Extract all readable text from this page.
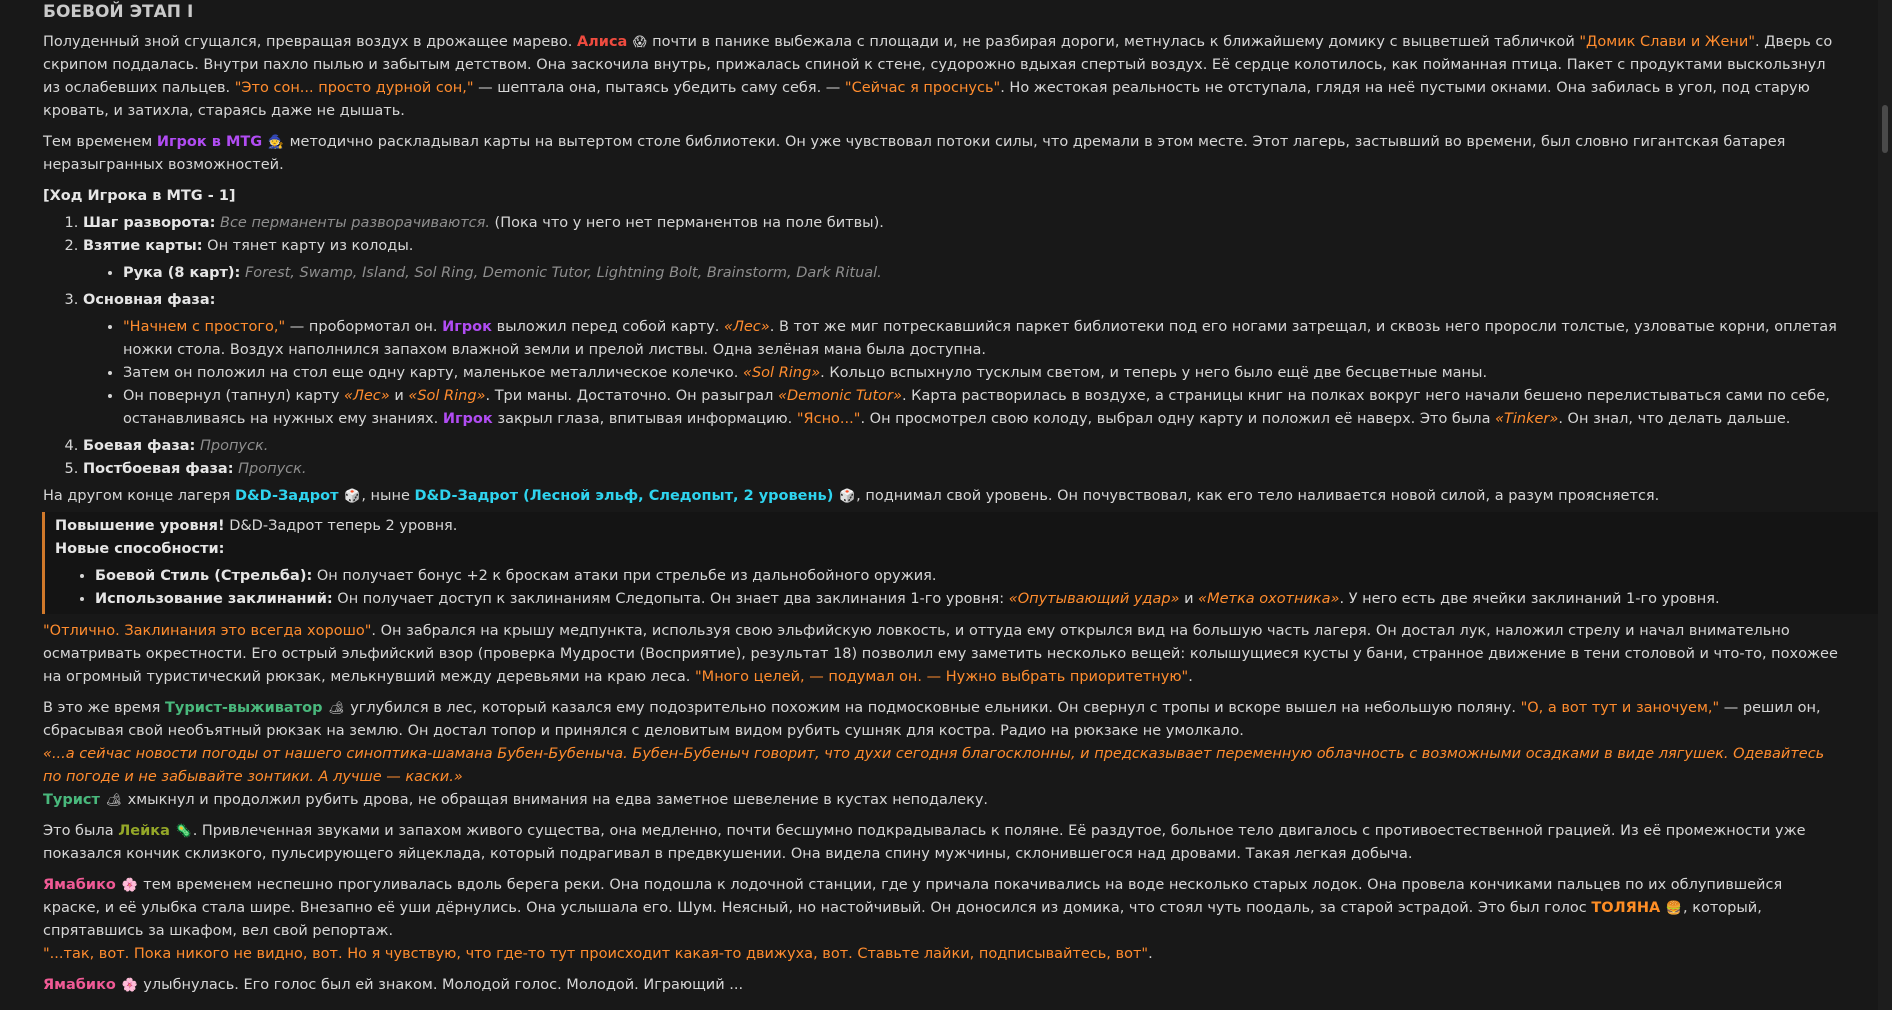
БОЕВОЙ ЭТАП I

Полуденный зной сгущался, превращая воздух в дрожащее марево. Алиса 😱 почти в панике выбежала с площади и, не разбирая дороги, метнулась к ближайшему домику с выцветшей табличкой "Домик Слави и Жени". Дверь со скрипом поддалась. Внутри пахло пылью и забытым детством. Она заскочила внутрь, прижалась спиной к стене, судорожно вдыхая спертый воздух. Её сердце колотилось, как пойманная птица. Пакет с продуктами выскользнул из ослабевших пальцев. "Это сон... просто дурной сон," — шептала она, пытаясь убедить саму себя. — "Сейчас я проснусь". Но жестокая реальность не отступала, глядя на неё пустыми окнами. Она забилась в угол, под старую кровать, и затихла, стараясь даже не дышать.

Тем временем Игрок в MTG 🧙 методично раскладывал карты на вытертом столе библиотеки. Он уже чувствовал потоки силы, что дремали в этом месте. Этот лагерь, застывший во времени, был словно гигантская батарея неразыгранных возможностей.

[Ход Игрока в MTG - 1]

1. Шаг разворота: Все перманенты разворачиваются. (Пока что у него нет перманентов на поле битвы).
2. Взятие карты: Он тянет карту из колоды.
• Рука (8 карт): Forest, Swamp, Island, Sol Ring, Demonic Tutor, Lightning Bolt, Brainstorm, Dark Ritual.
3. Основная фаза:
• "Начнем с простого," — пробормотал он. Игрок выложил перед собой карту. «Лес». В тот же миг потрескавшийся паркет библиотеки под его ногами затрещал, и сквозь него проросли толстые, узловатые корни, оплетая ножки стола. Воздух наполнился запахом влажной земли и прелой листвы. Одна зелёная мана была доступна.
• Затем он положил на стол еще одну карту, маленькое металлическое колечко. «Sol Ring». Кольцо вспыхнуло тусклым светом, и теперь у него было ещё две бесцветные маны.
• Он повернул (тапнул) карту «Лес» и «Sol Ring». Три маны. Достаточно. Он разыграл «Demonic Tutor». Карта растворилась в воздухе, а страницы книг на полках вокруг него начали бешено перелистываться сами по себе, останавливаясь на нужных ему знаниях. Игрок закрыл глаза, впитывая информацию. "Ясно...". Он просмотрел свою колоду, выбрал одну карту и положил её наверх. Это была «Tinker». Он знал, что делать дальше.
4. Боевая фаза: Пропуск.
5. Постбоевая фаза: Пропуск.

На другом конце лагеря D&D-Задрот 🎲, ныне D&D-Задрот (Лесной эльф, Следопыт, 2 уровень) 🎲, поднимал свой уровень. Он почувствовал, как его тело наливается новой силой, а разум проясняется.

Повышение уровня! D&D-Задрот теперь 2 уровня.
Новые способности:
• Боевой Стиль (Стрельба): Он получает бонус +2 к броскам атаки при стрельбе из дальнобойного оружия.
• Использование заклинаний: Он получает доступ к заклинаниям Следопыта. Он знает два заклинания 1-го уровня: «Опутывающий удар» и «Метка охотника». У него есть две ячейки заклинаний 1-го уровня.

"Отлично. Заклинания это всегда хорошо". Он забрался на крышу медпункта, используя свою эльфийскую ловкость, и оттуда ему открылся вид на большую часть лагеря. Он достал лук, наложил стрелу и начал внимательно осматривать окрестности. Его острый эльфийский взор (проверка Мудрости (Восприятие), результат 18) позволил ему заметить несколько вещей: колышущиеся кусты у бани, странное движение в тени столовой и что-то, похожее на огромный туристический рюкзак, мелькнувший между деревьями на краю леса. "Много целей, — подумал он. — Нужно выбрать приоритетную".

В это же время Турист-выживатор 🏕 углубился в лес, который казался ему подозрительно похожим на подмосковные ельники. Он свернул с тропы и вскоре вышел на небольшую поляну. "О, а вот тут и заночуем," — решил он, сбрасывая свой необъятный рюкзак на землю. Он достал топор и принялся с деловитым видом рубить сушняк для костра. Радио на рюкзаке не умолкало.
«...а сейчас новости погоды от нашего синоптика-шамана Бубен-Бубеныча. Бубен-Бубеныч говорит, что духи сегодня благосклонны, и предсказывает переменную облачность с возможными осадками в виде лягушек. Одевайтесь по погоде и не забывайте зонтики. А лучше — каски.»
Турист 🏕 хмыкнул и продолжил рубить дрова, не обращая внимания на едва заметное шевеление в кустах неподалеку.

Это была Лейка 🦠. Привлеченная звуками и запахом живого существа, она медленно, почти бесшумно подкрадывалась к поляне. Её раздутое, больное тело двигалось с противоестественной грацией. Из её промежности уже показался кончик склизкого, пульсирующего яйцеклада, который подрагивал в предвкушении. Она видела спину мужчины, склонившегося над дровами. Такая легкая добыча.

Ямабико 🌸 тем временем неспешно прогуливалась вдоль берега реки. Она подошла к лодочной станции, где у причала покачивались на воде несколько старых лодок. Она провела кончиками пальцев по их облупившейся краске, и её улыбка стала шире. Внезапно её уши дёрнулись. Она услышала его. Шум. Неясный, но настойчивый. Он доносился из домика, что стоял чуть поодаль, за старой эстрадой. Это был голос ТОЛЯНА 🍔, который, спрятавшись за шкафом, вел свой репортаж.
"...так, вот. Пока никого не видно, вот. Но я чувствую, что где-то тут происходит какая-то движуха, вот. Ставьте лайки, подписывайтесь, вот".

Ямабико 🌸 улыбнулась. Его голос был ей знаком. Молодой голос. Молодой. Играющий ...
